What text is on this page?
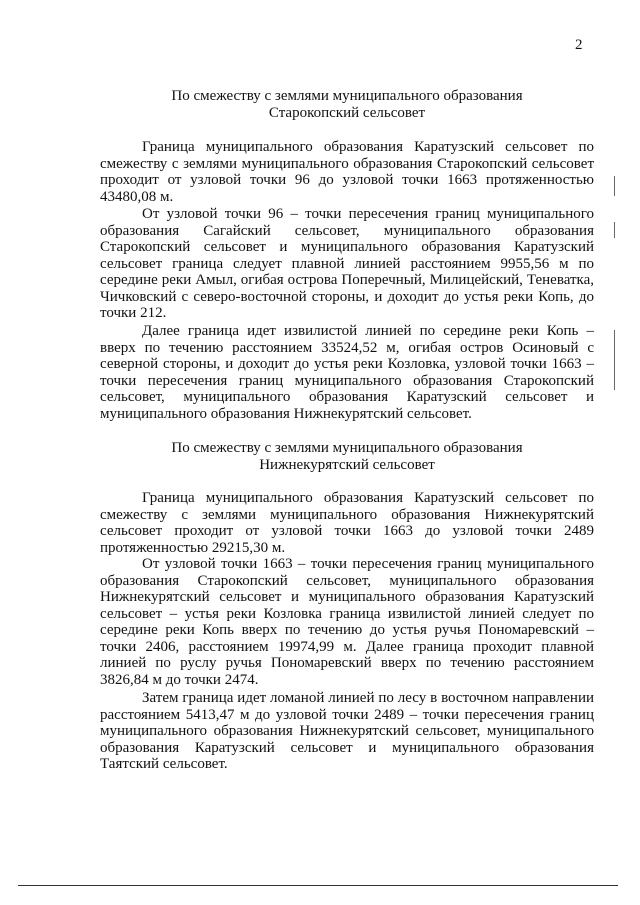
2
По смежеству с землями муниципального образования
Старокопский сельсовет

Граница муниципального образования Каратузский сельсовет по смежеству с землями муниципального образования Старокопский сельсовет проходит от узловой точки 96 до узловой точки 1663 протяженностью 43480,08 м.

От узловой точки 96 – точки пересечения границ муниципального образования Сагайский сельсовет, муниципального образования Старокопский сельсовет и муниципального образования Каратузский сельсовет граница следует плавной линией расстоянием 9955,56 м по середине реки Амыл, огибая острова Поперечный, Милицейский, Теневатка, Чичковский с северо-восточной стороны, и доходит до устья реки Копь, до точки 212.

Далее граница идет извилистой линией по середине реки Копь – вверх по течению расстоянием 33524,52 м, огибая остров Осиновый с северной стороны, и доходит до устья реки Козловка, узловой точки 1663 – точки пересечения границ муниципального образования Старокопский сельсовет, муниципального образования Каратузский сельсовет и муниципального образования Нижнекурятский сельсовет.

По смежеству с землями муниципального образования
Нижнекурятский сельсовет

Граница муниципального образования Каратузский сельсовет по смежеству с землями муниципального образования Нижнекурятский сельсовет проходит от узловой точки 1663 до узловой точки 2489 протяженностью 29215,30 м.

От узловой точки 1663 – точки пересечения границ муниципального образования Старокопский сельсовет, муниципального образования Нижнекурятский сельсовет и муниципального образования Каратузский сельсовет – устья реки Козловка граница извилистой линией следует по середине реки Копь вверх по течению до устья ручья Пономаревский – точки 2406, расстоянием 19974,99 м. Далее граница проходит плавной линией по руслу ручья Пономаревский вверх по течению расстоянием 3826,84 м до точки 2474.

Затем граница идет ломаной линией по лесу в восточном направлении расстоянием 5413,47 м до узловой точки 2489 – точки пересечения границ муниципального образования Нижнекурятский сельсовет, муниципального образования Каратузский сельсовет и муниципального образования Таятский сельсовет.
